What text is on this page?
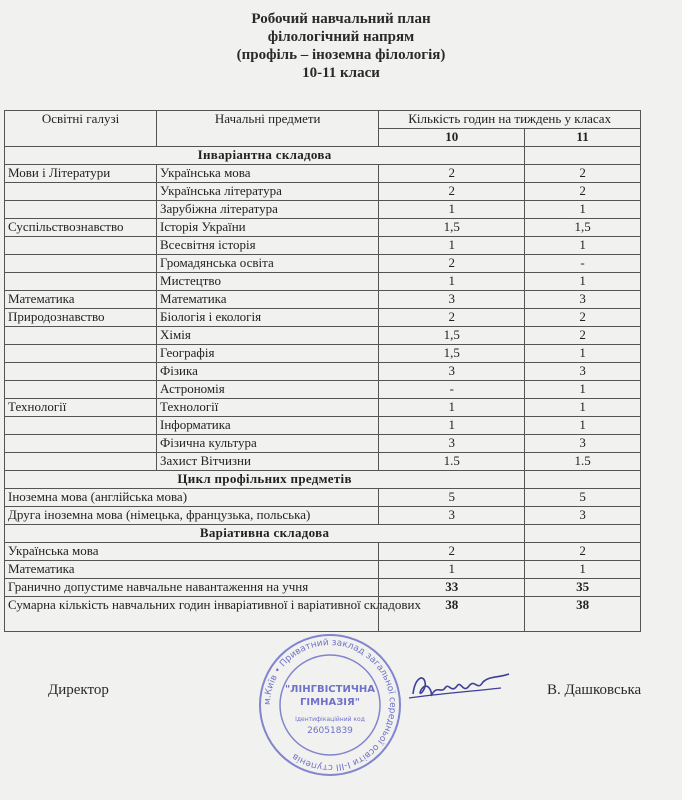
Робочий навчальний план
філологічний напрям
(профіль – іноземна філологія)
10-11 класи
Освітні галузі	Начальні предмети	Кількість годин на тиждень у класах	
		10	11
Інваріантна складова			
Мови і Літератури	Українська мова	2	2
	Українська література	2	2
	Зарубіжна література	1	1
Суспільствознавство	Історія України	1,5	1,5
	Всесвітня історія	1	1
	Громадянська освіта	2	-
	Мистецтво	1	1
Математика	Математика	3	3
Природознавство	Біологія і екологія	2	2
	Хімія	1,5	2
	Географія	1,5	1
	Фізика	3	3
	Астрономія	-	1
Технології	Технології	1	1
	Інформатика	1	1
	Фізична культура	3	3
	Захист Вітчизни	1.5	1.5
Цикл профільних предметів			
Іноземна мова (англійська мова)		5	5
Друга іноземна мова (німецька, французька, польська)		3	3
Варіативна складова			
Українська мова		2	2
Математика		1	1
Гранично допустиме навчальне навантаження на учня		33	35
Сумарна кількість навчальних годин інваріативної і варіативної складових		38	38
м.Київ • Приватний заклад загальної середньої освіти І-ІІІ ступенів
"ЛІНГВІСТИЧНА
ГІМНАЗІЯ"
Ідентифікаційний код
26051839
Директор	В. Дашковська
